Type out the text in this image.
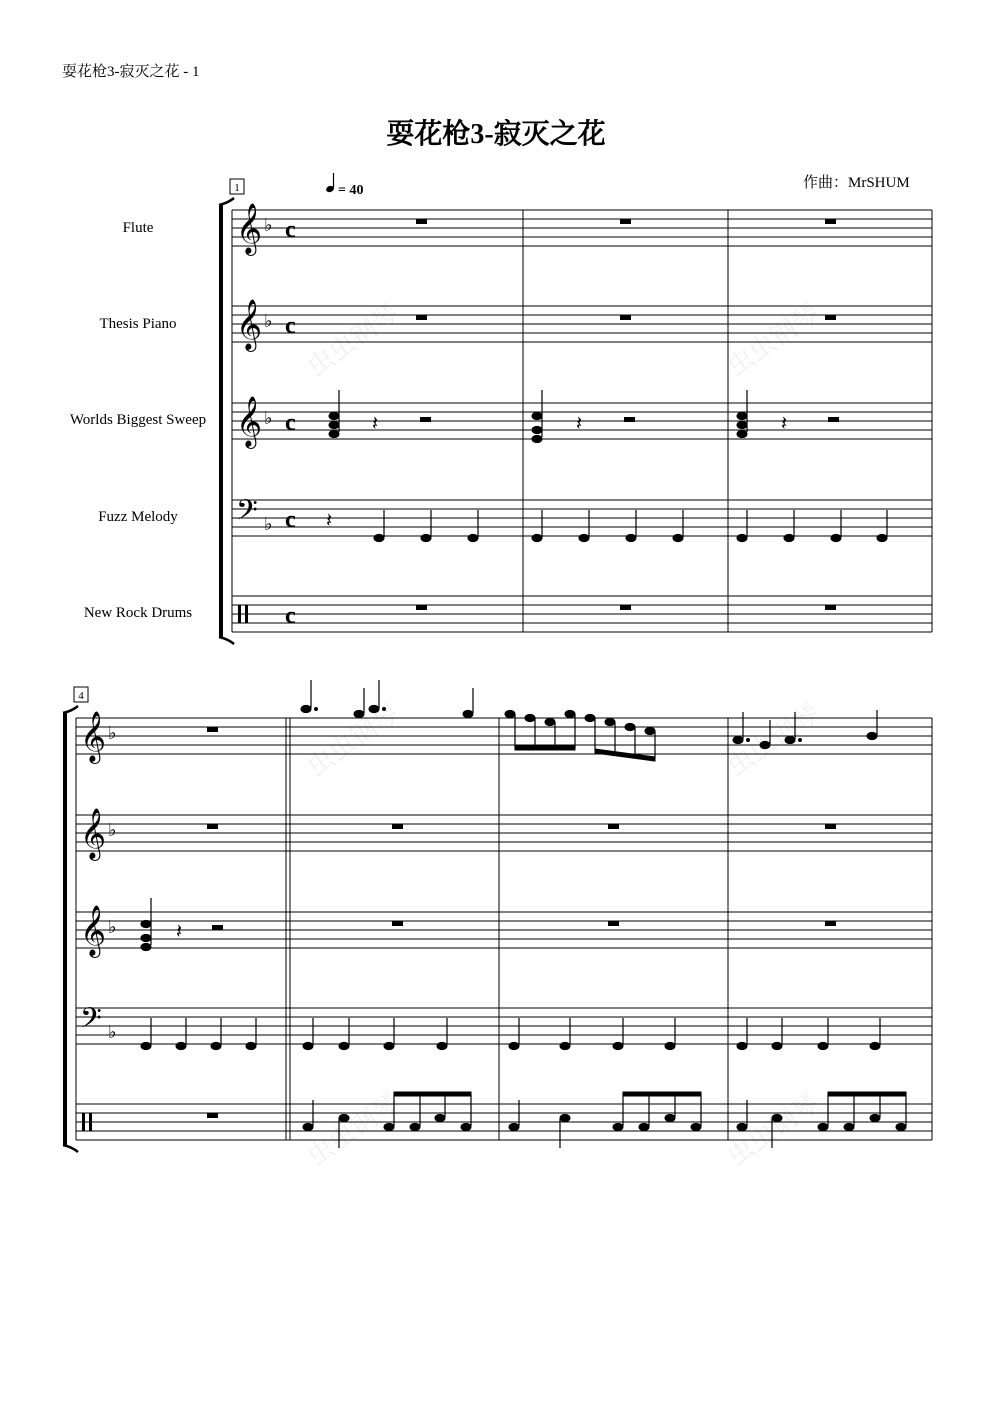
耍花枪3-寂灭之花 - 1
耍花枪3-寂灭之花
作曲：MrSHUM
Flute
Thesis Piano
Worlds Biggest Sweep
Fuzz Melody
New Rock Drums
1	= 40
𝄞
𝄞
𝄞
𝄢
♭
♭
♭
♭
c
c
c
c
c
𝄽	𝄽	𝄽
𝄽
4
𝄞
𝄞
𝄞
𝄢
♭
♭
♭
♭
𝄽
虫虫钢琴	虫虫钢琴
虫虫钢琴	虫虫钢琴
虫虫钢琴
